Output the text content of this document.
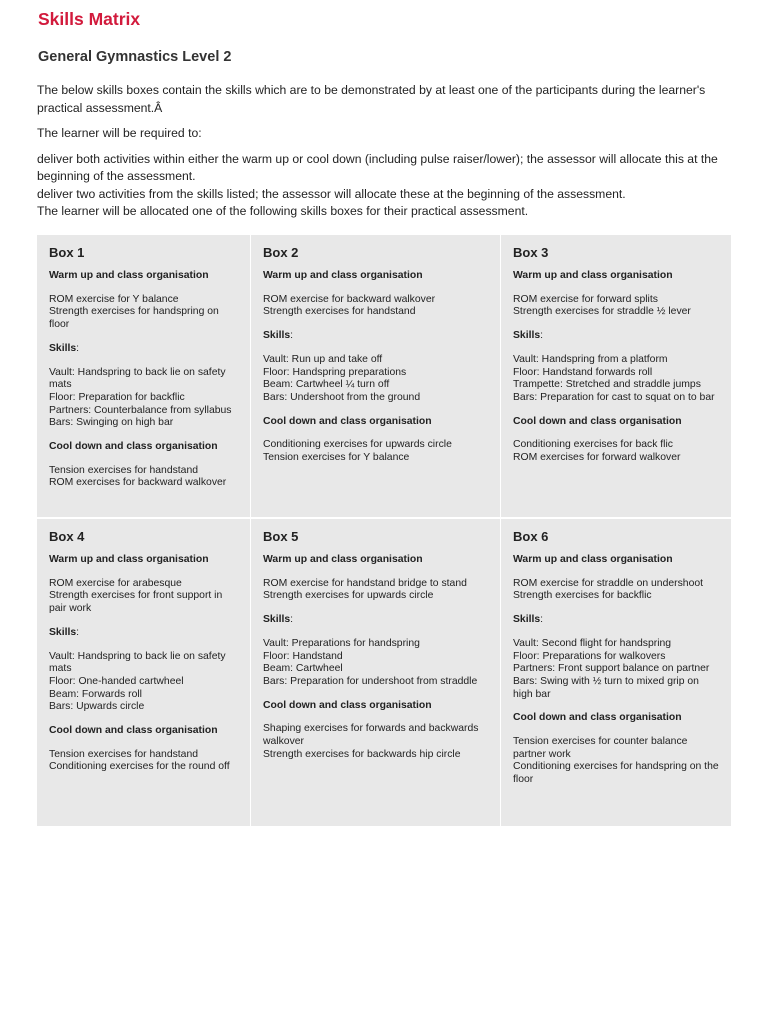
Skills Matrix
General Gymnastics Level 2

The below skills boxes contain the skills which are to be demonstrated by at least one of the participants during the learner's practical assessment.Â

The learner will be required to:

deliver both activities within either the warm up or cool down (including pulse raiser/lower); the assessor will allocate this at the beginning of the assessment.

deliver two activities from the skills listed; the assessor will allocate these at the beginning of the assessment.

The learner will be allocated one of the following skills boxes for their practical assessment.

Box 1
Warm up and class organisation
ROM exercise for Y balance
Strength exercises for handspring on floor
Skills:
Vault: Handspring to back lie on safety mats
Floor: Preparation for backflic
Partners: Counterbalance from syllabus
Bars: Swinging on high bar
Cool down and class organisation
Tension exercises for handstand
ROM exercises for backward walkover
Box 2
Warm up and class organisation
ROM exercise for backward walkover
Strength exercises for handstand
Skills:
Vault: Run up and take off
Floor: Handspring preparations
Beam: Cartwheel ¼ turn off
Bars: Undershoot from the ground
Cool down and class organisation
Conditioning exercises for upwards circle
Tension exercises for Y balance
Box 3
Warm up and class organisation
ROM exercise for forward splits
Strength exercises for straddle ½ lever
Skills:
Vault: Handspring from a platform
Floor: Handstand forwards roll
Trampette: Stretched and straddle jumps
Bars: Preparation for cast to squat on to bar
Cool down and class organisation
Conditioning exercises for back flic
ROM exercises for forward walkover
Box 4
Warm up and class organisation
ROM exercise for arabesque
Strength exercises for front support in pair work
Skills:
Vault: Handspring to back lie on safety mats
Floor: One-handed cartwheel
Beam: Forwards roll
Bars: Upwards circle
Cool down and class organisation
Tension exercises for handstand
Conditioning exercises for the round off
Box 5
Warm up and class organisation
ROM exercise for handstand bridge to stand
Strength exercises for upwards circle
Skills:
Vault: Preparations for handspring
Floor: Handstand
Beam: Cartwheel
Bars: Preparation for undershoot from straddle
Cool down and class organisation
Shaping exercises for forwards and backwards walkover
Strength exercises for backwards hip circle
Box 6
Warm up and class organisation
ROM exercise for straddle on undershoot
Strength exercises for backflic
Skills:
Vault: Second flight for handspring
Floor: Preparations for walkovers
Partners: Front support balance on partner
Bars: Swing with ½ turn to mixed grip on high bar
Cool down and class organisation
Tension exercises for counter balance partner work
Conditioning exercises for handspring on the floor
